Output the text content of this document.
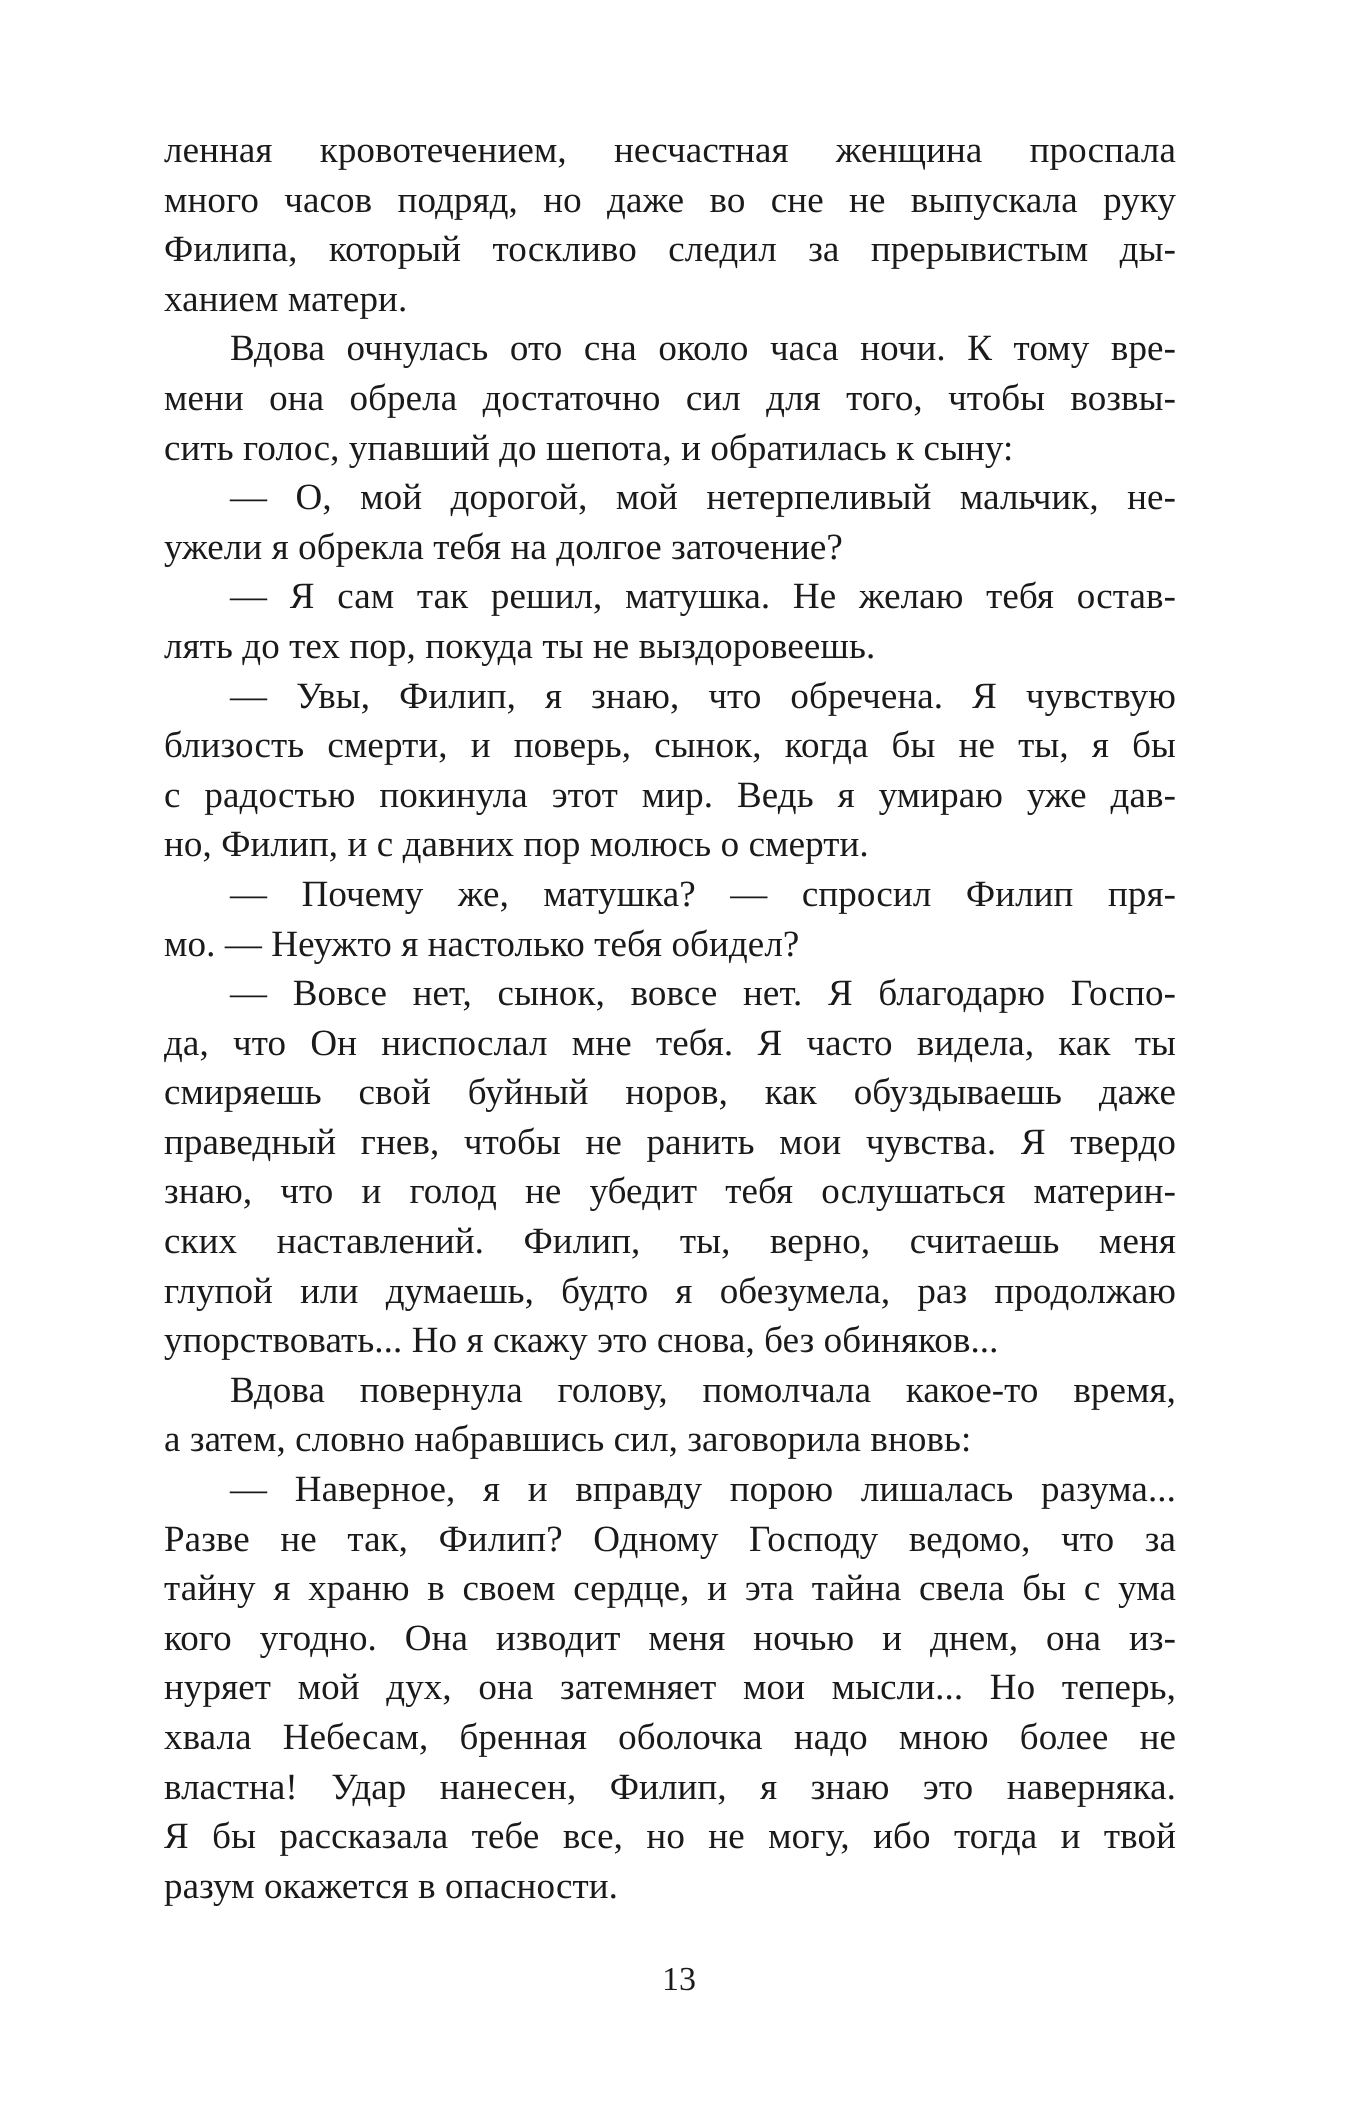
ленная кровотечением, несчастная женщина проспала
много часов подряд, но даже во сне не выпускала руку
Филипа, который тоскливо следил за прерывистым ды-
ханием матери.
Вдова очнулась ото сна около часа ночи. К тому вре-
мени она обрела достаточно сил для того, чтобы возвы-
сить голос, упавший до шепота, и обратилась к сыну:
— О, мой дорогой, мой нетерпеливый мальчик, не-
ужели я обрекла тебя на долгое заточение?
— Я сам так решил, матушка. Не желаю тебя остав-
лять до тех пор, покуда ты не выздоровеешь.
— Увы, Филип, я знаю, что обречена. Я чувствую
близость смерти, и поверь, сынок, когда бы не ты, я бы
с радостью покинула этот мир. Ведь я умираю уже дав-
но, Филип, и с давних пор молюсь о смерти.
— Почему же, матушка? — спросил Филип пря-
мо. — Неужто я настолько тебя обидел?
— Вовсе нет, сынок, вовсе нет. Я благодарю Госпо-
да, что Он ниспослал мне тебя. Я часто видела, как ты
смиряешь свой буйный норов, как обуздываешь даже
праведный гнев, чтобы не ранить мои чувства. Я твердо
знаю, что и голод не убедит тебя ослушаться материн-
ских наставлений. Филип, ты, верно, считаешь меня
глупой или думаешь, будто я обезумела, раз продолжаю
упорствовать... Но я скажу это снова, без обиняков...
Вдова повернула голову, помолчала какое-то время,
а затем, словно набравшись сил, заговорила вновь:
— Наверное, я и вправду порою лишалась разума...
Разве не так, Филип? Одному Господу ведомо, что за
тайну я храню в своем сердце, и эта тайна свела бы с ума
кого угодно. Она изводит меня ночью и днем, она из-
нуряет мой дух, она затемняет мои мысли... Но теперь,
хвала Небесам, бренная оболочка надо мною более не
властна! Удар нанесен, Филип, я знаю это наверняка.
Я бы рассказала тебе все, но не могу, ибо тогда и твой
разум окажется в опасности.
13
